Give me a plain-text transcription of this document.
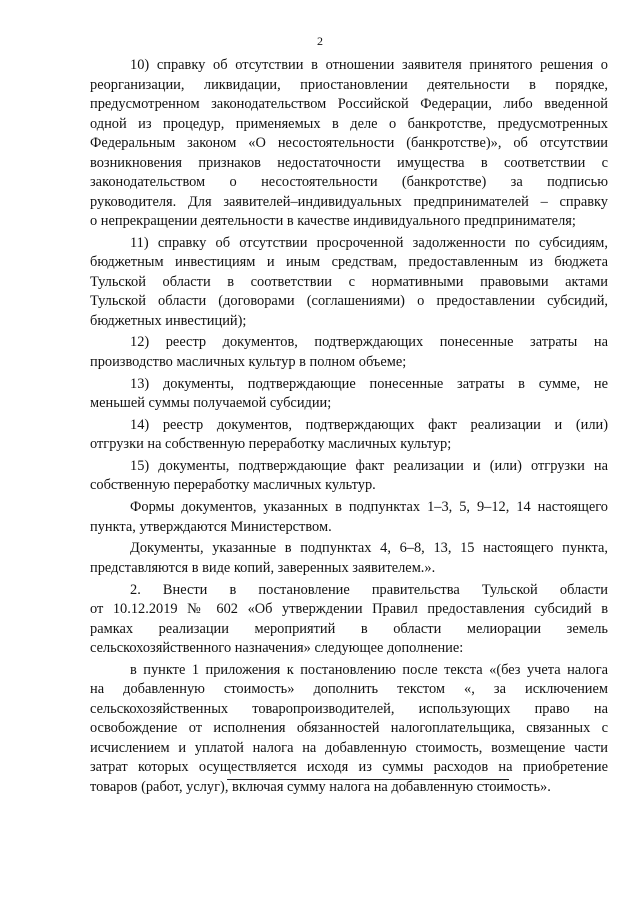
2

10) справку об отсутствии в отношении заявителя принятого решения о
реорганизации, ликвидации, приостановлении деятельности в порядке,
предусмотренном законодательством Российской Федерации, либо введенной
одной из процедур, применяемых в деле о банкротстве, предусмотренных
Федеральным законом «О несостоятельности (банкротстве)», об отсутствии
возникновения признаков недостаточности имущества в соответствии с
законодательством о несостоятельности (банкротстве) за подписью
руководителя. Для заявителей–индивидуальных предпринимателей – справку
о непрекращении деятельности в качестве индивидуального предпринимателя;

11) справку об отсутствии просроченной задолженности по субсидиям,
бюджетным инвестициям и иным средствам, предоставленным из бюджета
Тульской области в соответствии с нормативными правовыми актами
Тульской области (договорами (соглашениями) о предоставлении субсидий,
бюджетных инвестиций);

12) реестр документов, подтверждающих понесенные затраты на
производство масличных культур в полном объеме;

13) документы, подтверждающие понесенные затраты в сумме, не
меньшей суммы получаемой субсидии;

14) реестр документов, подтверждающих факт реализации и (или)
отгрузки на собственную переработку масличных культур;

15) документы, подтверждающие факт реализации и (или) отгрузки на
собственную переработку масличных культур.

Формы документов, указанных в подпунктах 1–3, 5, 9–12, 14 настоящего
пункта, утверждаются Министерством.

Документы, указанные в подпунктах 4, 6–8, 13, 15 настоящего пункта,
представляются в виде копий, заверенных заявителем.».

2. Внести в постановление правительства Тульской области
от 10.12.2019 № 602 «Об утверждении Правил предоставления субсидий в
рамках реализации мероприятий в области мелиорации земель
сельскохозяйственного назначения» следующее дополнение:

в пункте 1 приложения к постановлению после текста «(без учета налога
на добавленную стоимость» дополнить текстом «, за исключением
сельскохозяйственных товаропроизводителей, использующих право на
освобождение от исполнения обязанностей налогоплательщика, связанных с
исчислением и уплатой налога на добавленную стоимость, возмещение части
затрат которых осуществляется исходя из суммы расходов на приобретение
товаров (работ, услуг), включая сумму налога на добавленную стоимость».
